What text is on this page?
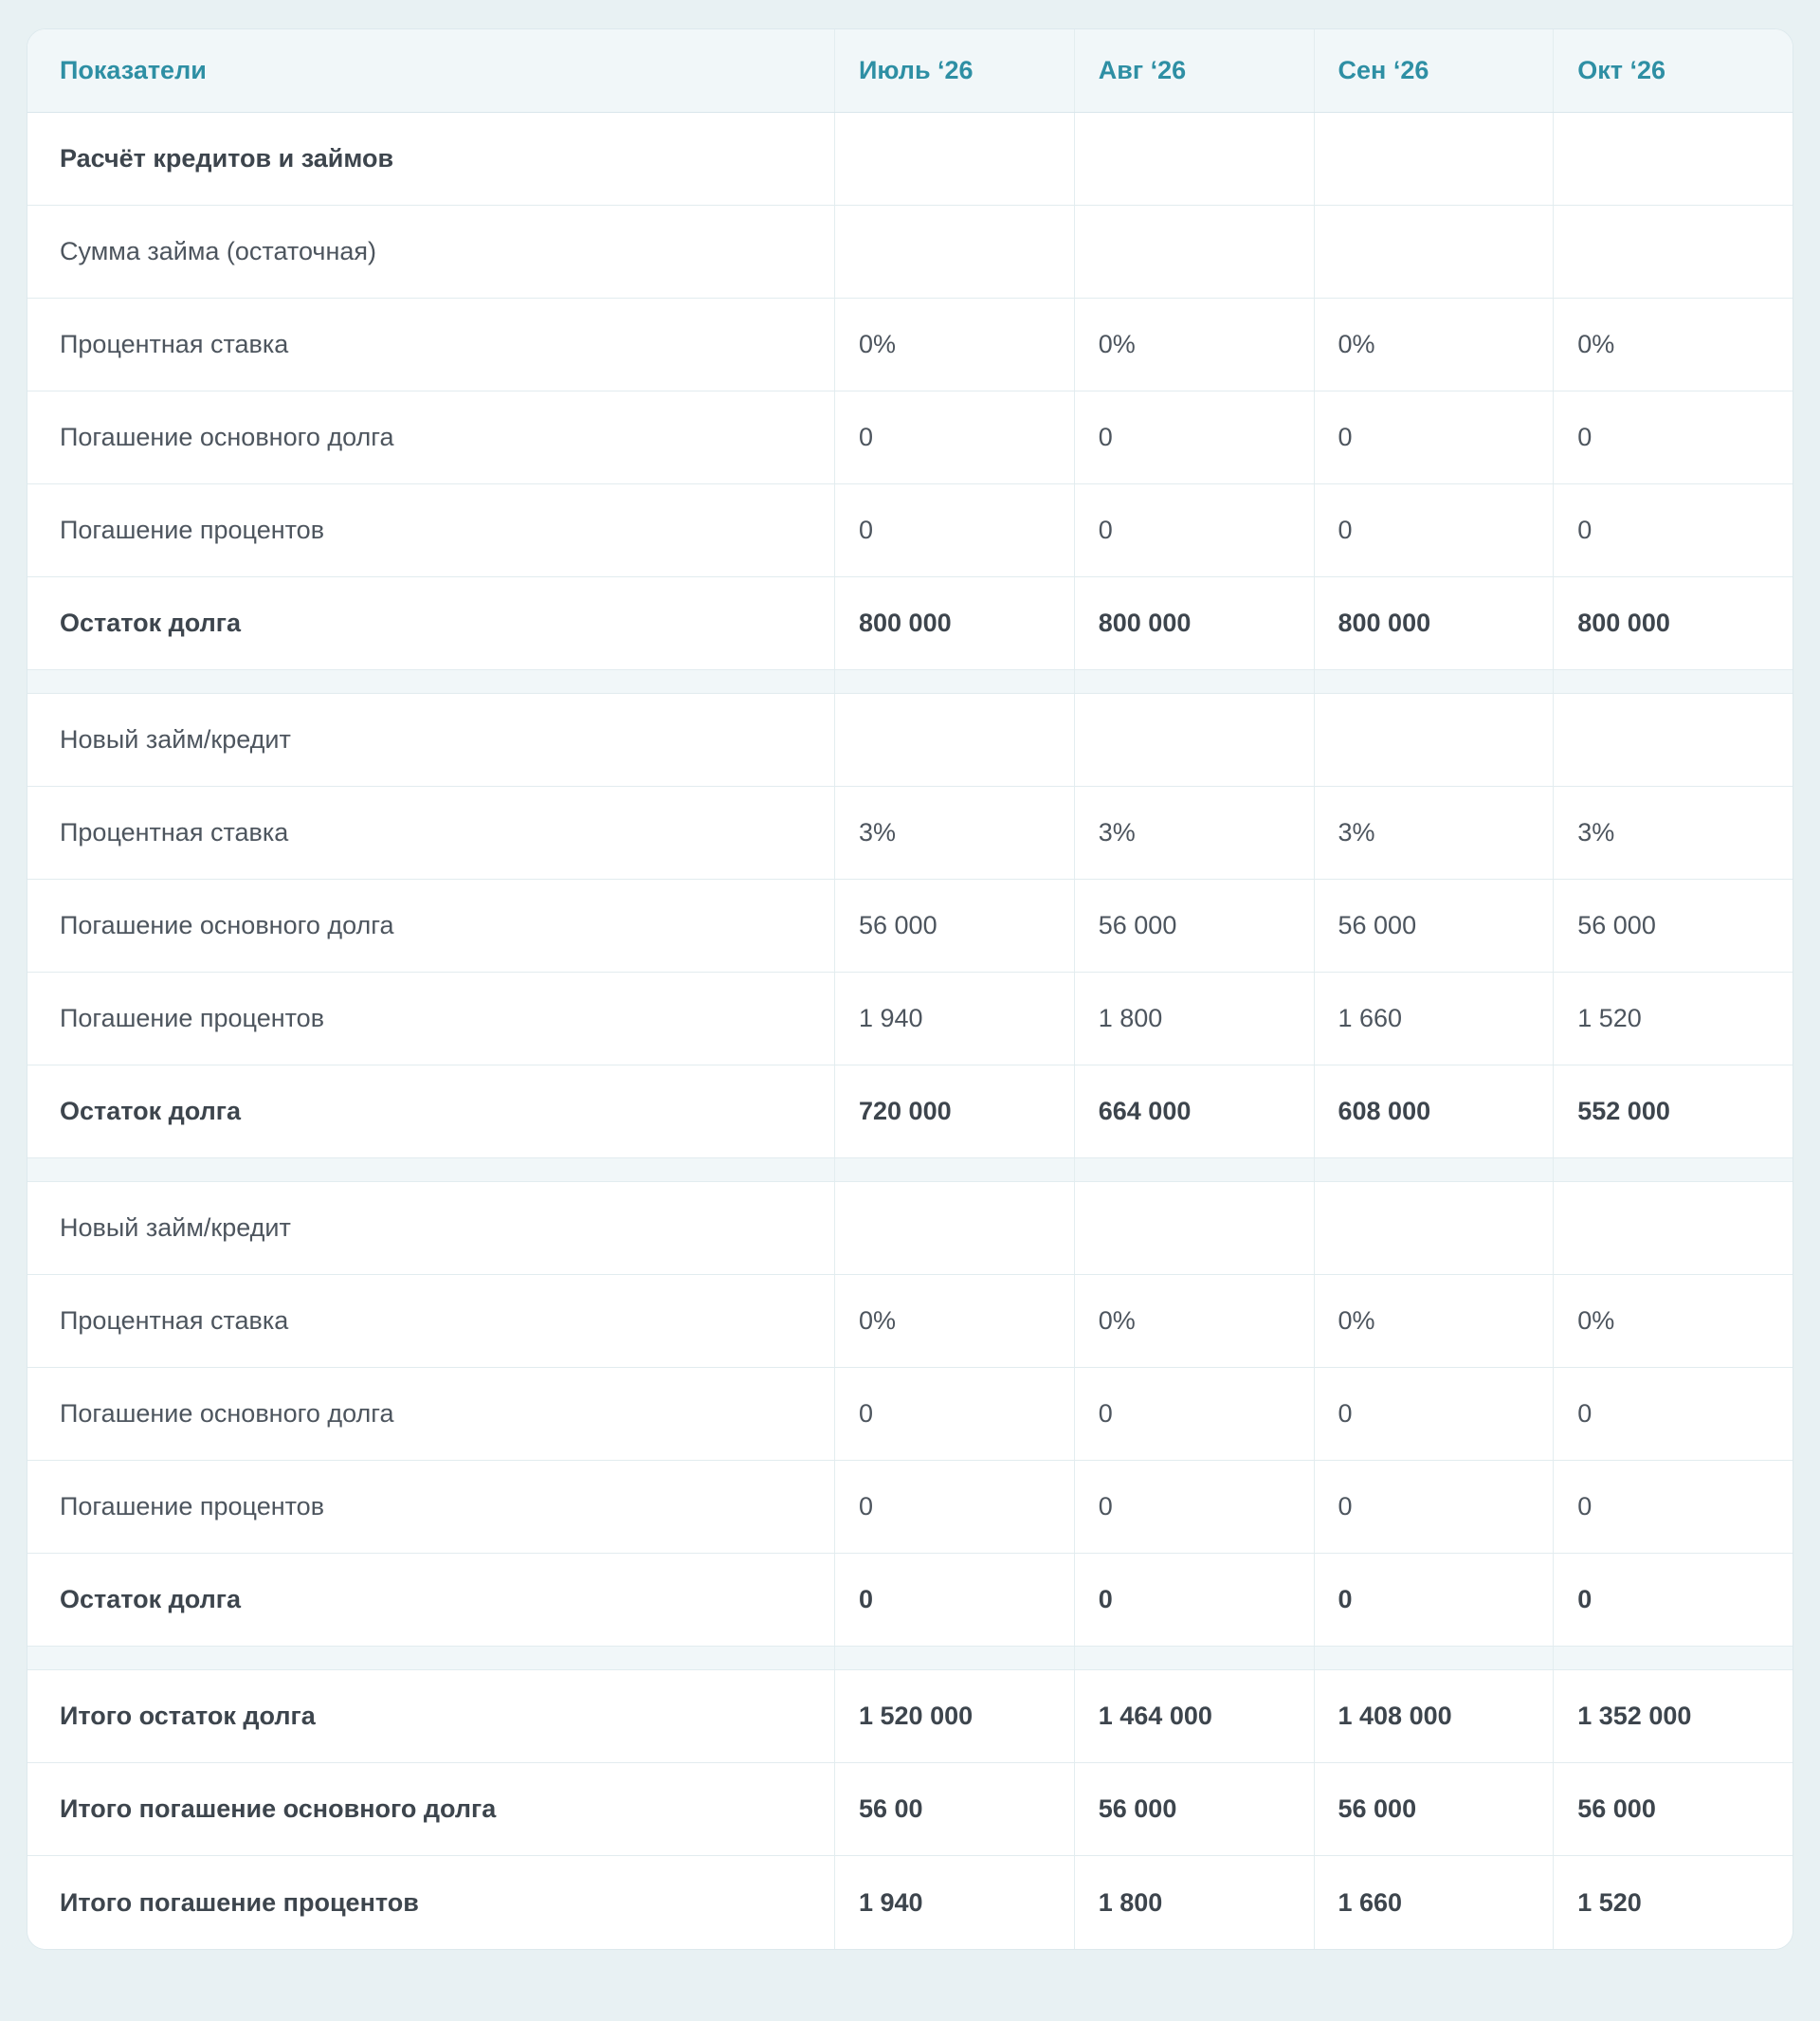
Показатели	Июль ‘26	Авг ‘26	Сен ‘26	Окт ‘26
Расчёт кредитов и займов
Сумма займа (остаточная)
Процентная ставка	0%	0%	0%	0%
Погашение основного долга	0	0	0	0
Погашение процентов	0	0	0	0
Остаток долга	800 000	800 000	800 000	800 000
Новый займ/кредит
Процентная ставка	3%	3%	3%	3%
Погашение основного долга	56 000	56 000	56 000	56 000
Погашение процентов	1 940	1 800	1 660	1 520
Остаток долга	720 000	664 000	608 000	552 000
Новый займ/кредит
Процентная ставка	0%	0%	0%	0%
Погашение основного долга	0	0	0	0
Погашение процентов	0	0	0	0
Остаток долга	0	0	0	0
Итого остаток долга	1 520 000	1 464 000	1 408 000	1 352 000
Итого погашение основного долга	56 00	56 000	56 000	56 000
Итого погашение процентов	1 940	1 800	1 660	1 520
